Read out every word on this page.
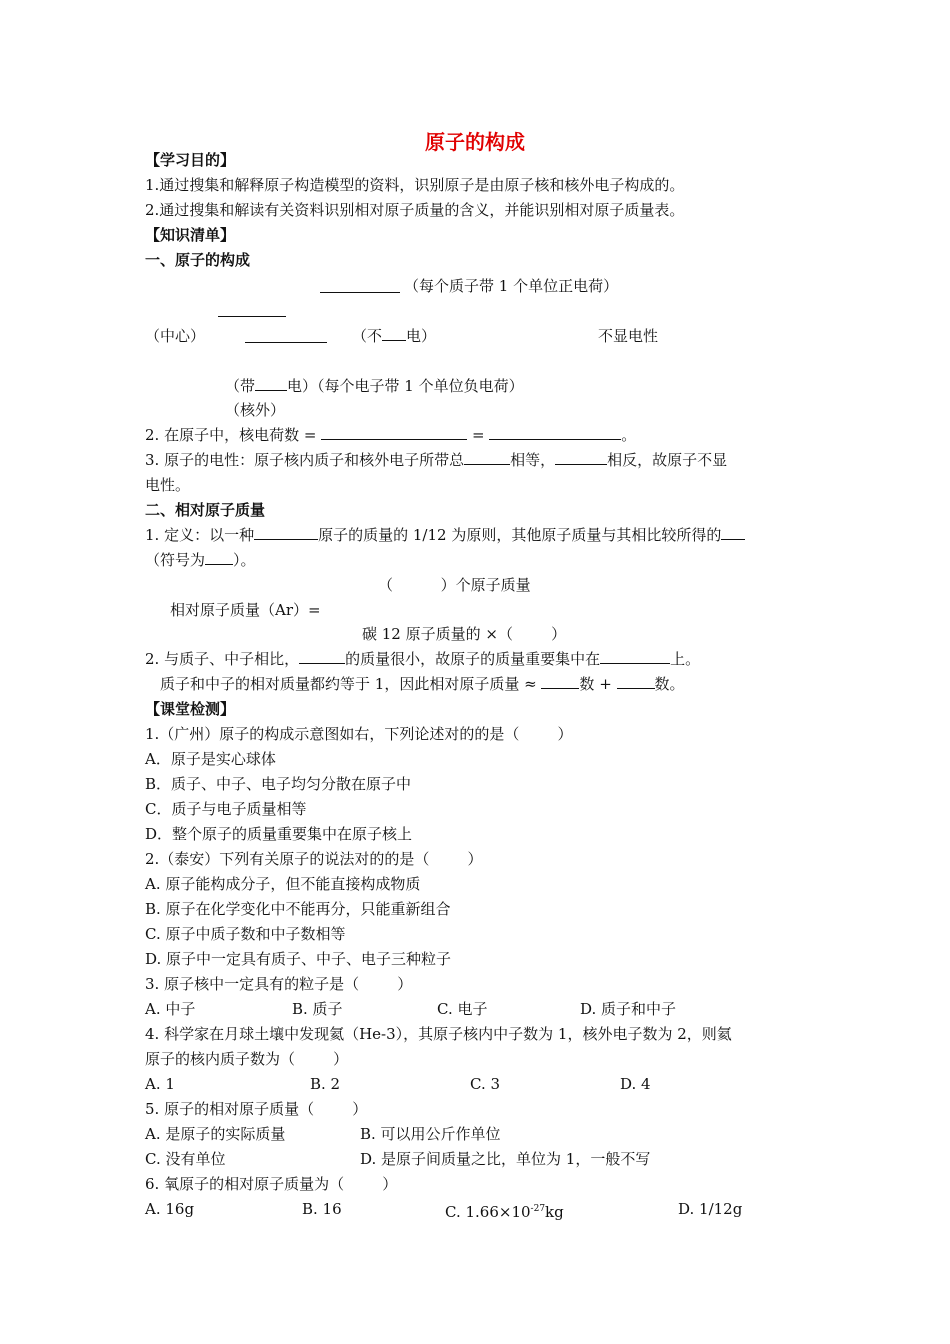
原子的构成
【学习目的】
1.通过搜集和解释原子构造模型的资料，识别原子是由原子核和核外电子构成的。
2.通过搜集和解读有关资料识别相对原子质量的含义，并能识别相对原子质量表。
【知识清单】
一、原子的构成
（每个质子带 1 个单位正电荷）
（中心）	（不 电）	不显电性
（带 电）（每个电子带 1 个单位负电荷）
（核外）
2. 在原子中，核电荷数 =	=	。
3. 原子的电性：原子核内质子和核外电子所带总	相等，	相反，故原子不显
电性。
二、相对原子质量
1. 定义：以一种	原子的质量的 1/12 为原则，其他原子质量与其相比较所得的
（符号为 ）。
（          ）个原子质量
相对原子质量（Ar）=
碳 12 原子质量的 ×（        ）
2. 与质子、中子相比，	的质量很小，故原子的质量重要集中在	上。
质子和中子的相对质量都约等于 1，因此相对原子质量 ≈	数 +	数。
【课堂检测】
1.（广州）原子的构成示意图如右，下列论述对的的是（        ）
A．原子是实心球体
B．质子、中子、电子均匀分散在原子中
C．质子与电子质量相等
D．整个原子的质量重要集中在原子核上
2.（泰安）下列有关原子的说法对的的是（        ）
A. 原子能构成分子，但不能直接构成物质
B. 原子在化学变化中不能再分，只能重新组合
C. 原子中质子数和中子数相等
D. 原子中一定具有质子、中子、电子三种粒子
3. 原子核中一定具有的粒子是（        ）
A. 中子	B. 质子	C. 电子	D. 质子和中子
4. 科学家在月球土壤中发现氦（He-3），其原子核内中子数为 1，核外电子数为 2，则氦
原子的核内质子数为（        ）
A. 1	B. 2	C. 3	D. 4
5. 原子的相对原子质量（        ）
A. 是原子的实际质量	B. 可以用公斤作单位
C. 没有单位	D. 是原子间质量之比，单位为 1，一般不写
6. 氧原子的相对原子质量为（        ）
A. 16g	B. 16	C. $1.66\times 10^{-27}kg$	D. 1/12g
